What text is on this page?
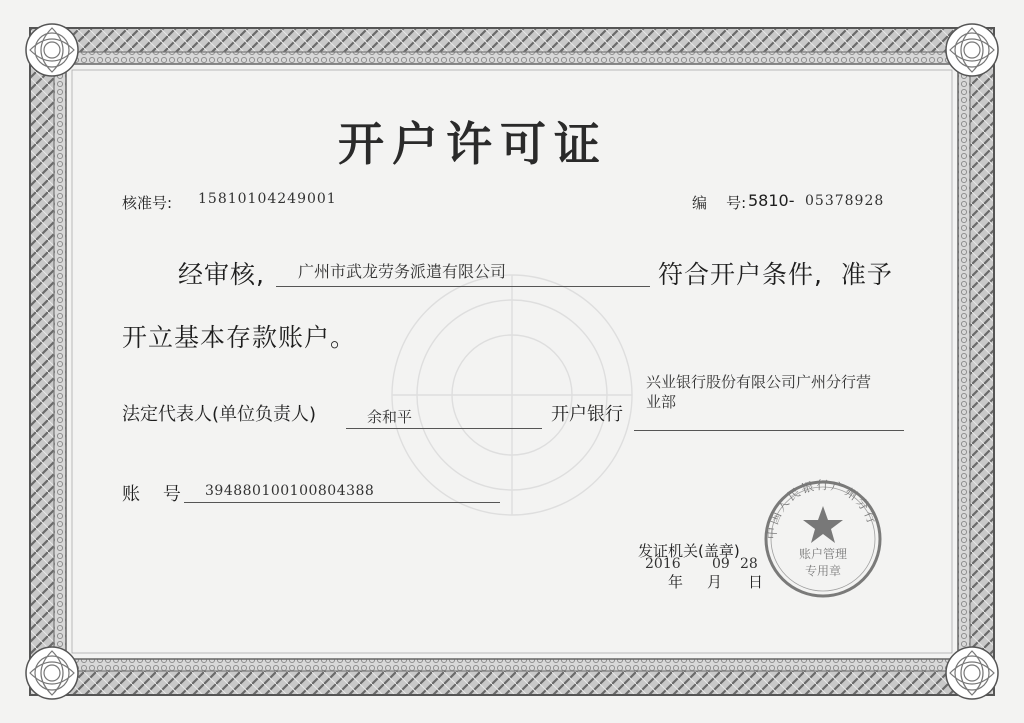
开户许可证
核准号: 15810104249001	编    号: 5810- 05378928
经审核, 广州市武龙劳务派遣有限公司	符合开户条件,  准予
开立基本存款账户。
法定代表人(单位负责人)	余和平	开户银行
兴业银行股份有限公司广州分行营
业部
账    号 394880100100804388
发证机关(盖章)
2016 09 28
年 月 日
中国人民银行广州分行
账户管理
专用章
